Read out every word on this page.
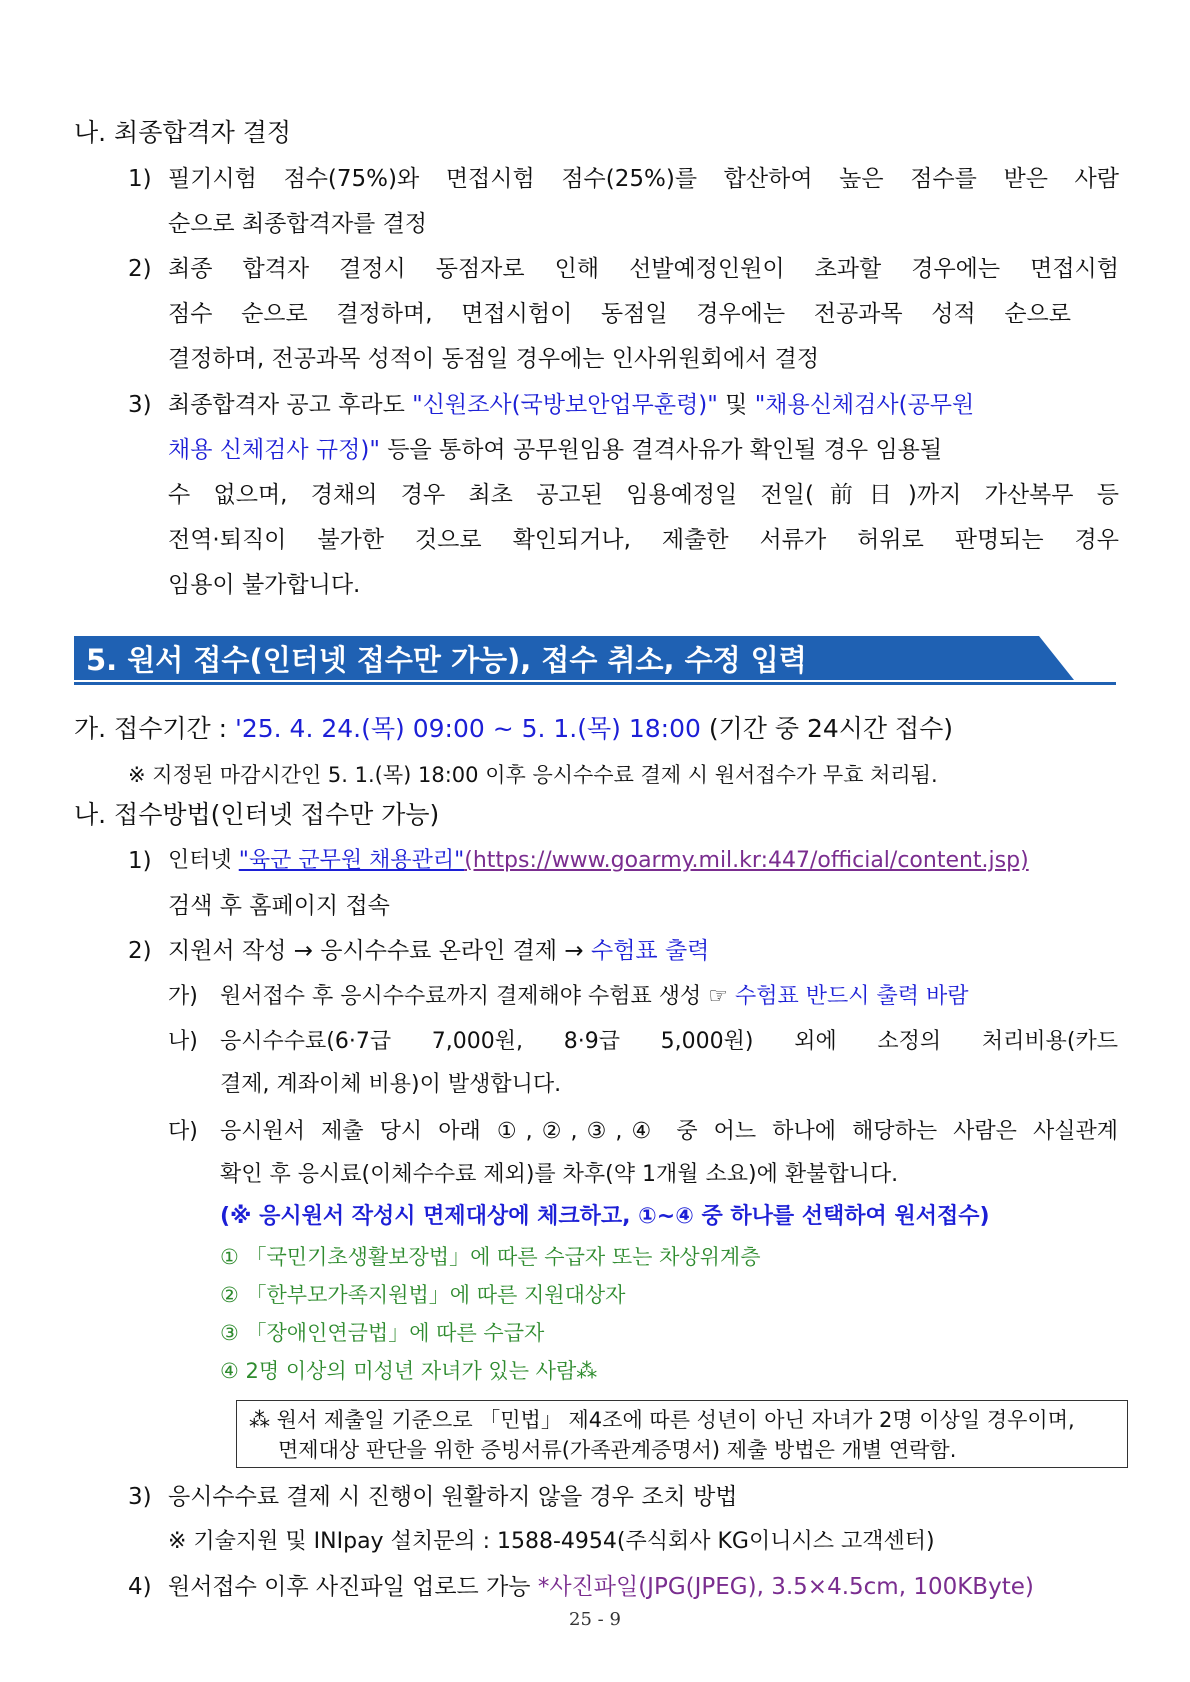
나. 최종합격자 결정
1) 필기시험 점수(75%)와 면접시험 점수(25%)를 합산하여 높은 점수를 받은 사람
순으로 최종합격자를 결정
2) 최종 합격자 결정시 동점자로 인해 선발예정인원이 초과할 경우에는 면접시험
점수 순으로 결정하며, 면접시험이 동점일 경우에는 전공과목 성적 순으로
결정하며, 전공과목 성적이 동점일 경우에는 인사위원회에서 결정
3) 최종합격자 공고 후라도 "신원조사(국방보안업무훈령)" 및 "채용신체검사(공무원
채용 신체검사 규정)" 등을 통하여 공무원임용 결격사유가 확인될 경우 임용될
수 없으며, 경채의 경우 최초 공고된 임용예정일 전일(前日)까지 가산복무 등
전역·퇴직이 불가한 것으로 확인되거나, 제출한 서류가 허위로 판명되는 경우
임용이 불가합니다.
5. 원서 접수(인터넷 접수만 가능), 접수 취소, 수정 입력
가. 접수기간 : '25. 4. 24.(목) 09:00 ~ 5. 1.(목) 18:00 (기간 중 24시간 접수)
※ 지정된 마감시간인 5. 1.(목) 18:00 이후 응시수수료 결제 시 원서접수가 무효 처리됨.
나. 접수방법(인터넷 접수만 가능)
1) 인터넷 "육군 군무원 채용관리"(https://www.goarmy.mil.kr:447/official/content.jsp)
검색 후 홈페이지 접속
2) 지원서 작성 → 응시수수료 온라인 결제 → 수험표 출력
가) 원서접수 후 응시수수료까지 결제해야 수험표 생성 ☞ 수험표 반드시 출력 바람
나) 응시수수료(6·7급 7,000원, 8·9급 5,000원) 외에 소정의 처리비용(카드
결제, 계좌이체 비용)이 발생합니다.
다) 응시원서 제출 당시 아래 ①,②,③,④ 중 어느 하나에 해당하는 사람은 사실관계
확인 후 응시료(이체수수료 제외)를 차후(약 1개월 소요)에 환불합니다.
(※ 응시원서 작성시 면제대상에 체크하고, ①~④ 중 하나를 선택하여 원서접수)
① 「국민기초생활보장법」에 따른 수급자 또는 차상위계층
② 「한부모가족지원법」에 따른 지원대상자
③ 「장애인연금법」에 따른 수급자
④ 2명 이상의 미성년 자녀가 있는 사람⁂
⁂ 원서 제출일 기준으로 「민법」 제4조에 따른 성년이 아닌 자녀가 2명 이상일 경우이며,
면제대상 판단을 위한 증빙서류(가족관계증명서) 제출 방법은 개별 연락함.
3) 응시수수료 결제 시 진행이 원활하지 않을 경우 조치 방법
※ 기술지원 및 INIpay 설치문의 : 1588-4954(주식회사 KG이니시스 고객센터)
4) 원서접수 이후 사진파일 업로드 가능 *사진파일(JPG(JPEG), 3.5×4.5cm, 100KByte)
25 - 9
